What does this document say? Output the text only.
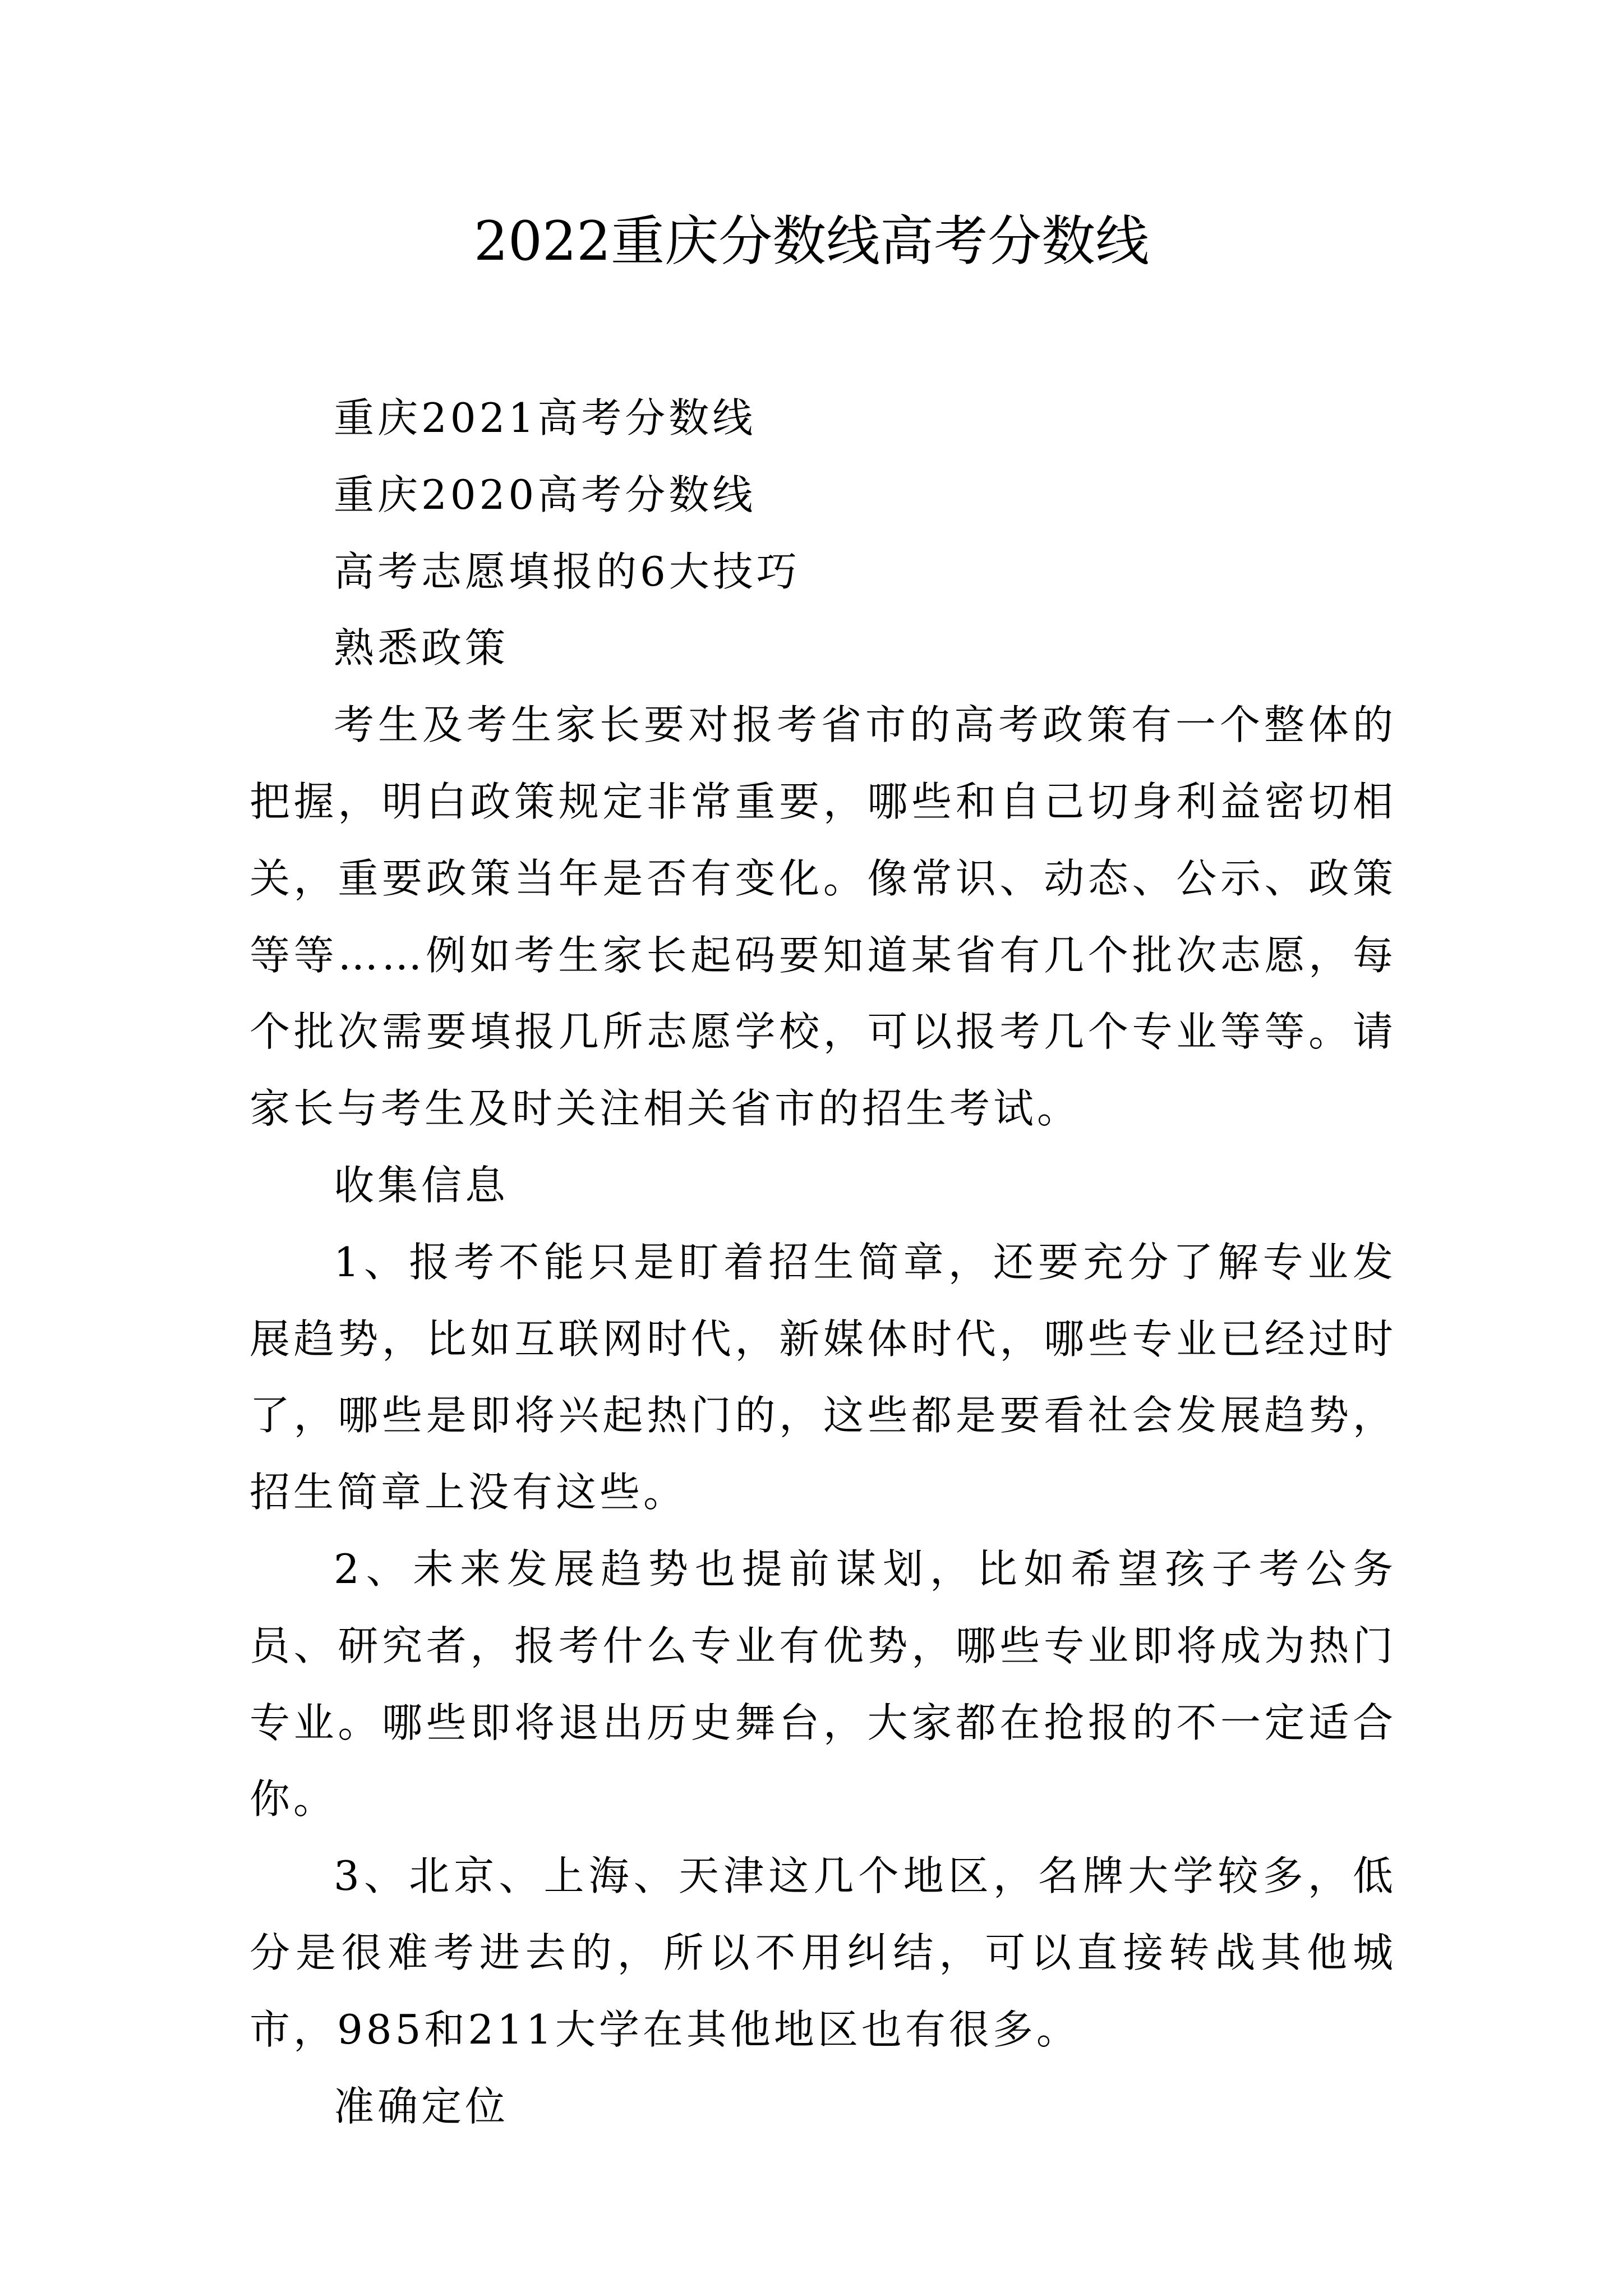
2022重庆分数线高考分数线

重庆2021高考分数线

重庆2020高考分数线

高考志愿填报的6大技巧

熟悉政策

考生及考生家长要对报考省市的高考政策有一个整体的把握，明白政策规定非常重要，哪些和自己切身利益密切相关，重要政策当年是否有变化。像常识、动态、公示、政策等等……例如考生家长起码要知道某省有几个批次志愿，每个批次需要填报几所志愿学校，可以报考几个专业等等。请家长与考生及时关注相关省市的招生考试。

收集信息

1、报考不能只是盯着招生简章，还要充分了解专业发展趋势，比如互联网时代，新媒体时代，哪些专业已经过时了，哪些是即将兴起热门的，这些都是要看社会发展趋势，招生简章上没有这些。

2、未来发展趋势也提前谋划，比如希望孩子考公务员、研究者，报考什么专业有优势，哪些专业即将成为热门专业。哪些即将退出历史舞台，大家都在抢报的不一定适合你。

3、北京、上海、天津这几个地区，名牌大学较多，低分是很难考进去的，所以不用纠结，可以直接转战其他城市，985和211大学在其他地区也有很多。

准确定位
